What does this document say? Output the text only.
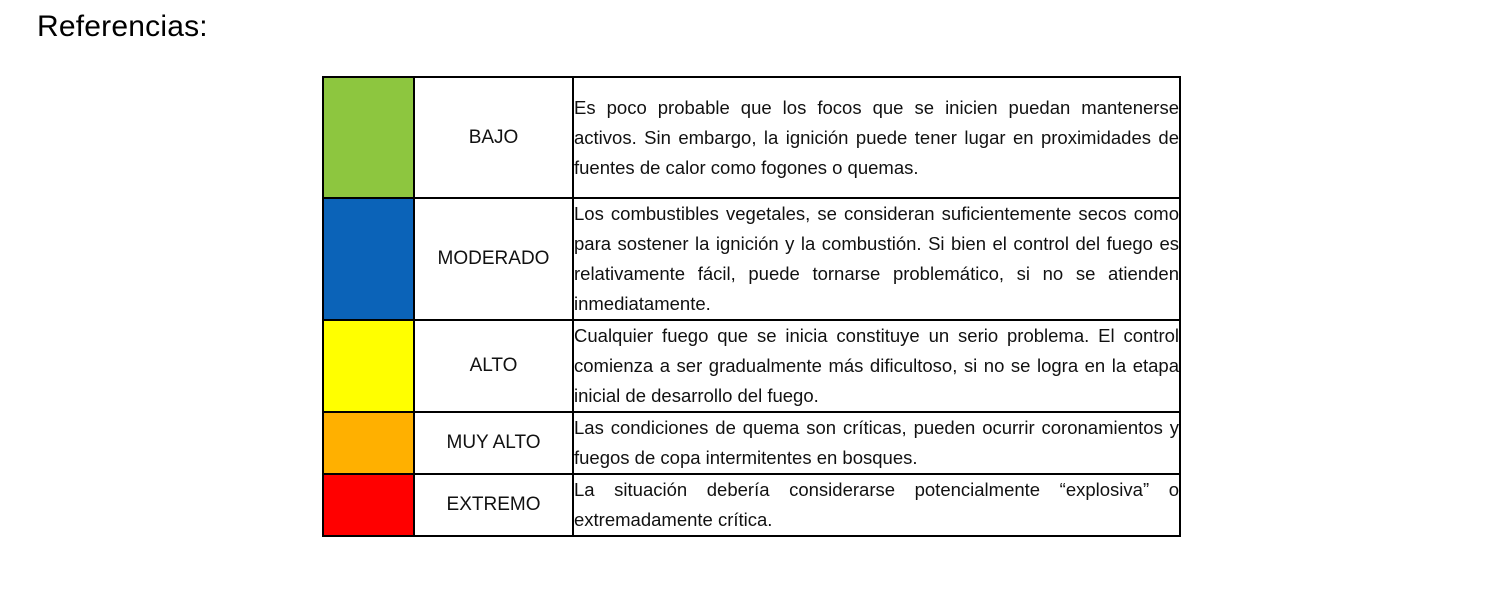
Referencias:
	BAJO	Es poco probable que los focos que se inicien puedan mantenerse activos. Sin embargo, la ignición puede tener lugar en proximidades de fuentes de calor como fogones o quemas.
	MODERADO	Los combustibles vegetales, se consideran suficientemente secos como para sostener la ignición y la combustión. Si bien el control del fuego es relativamente fácil, puede tornarse problemático, si no se atienden inmediatamente.
	ALTO	Cualquier fuego que se inicia constituye un serio problema. El control comienza a ser gradualmente más dificultoso, si no se logra en la etapa inicial de desarrollo del fuego.
	MUY ALTO	Las condiciones de quema son críticas, pueden ocurrir coronamientos y fuegos de copa intermitentes en bosques.
	EXTREMO	La situación debería considerarse potencialmente “explosiva” o extremadamente crítica.
